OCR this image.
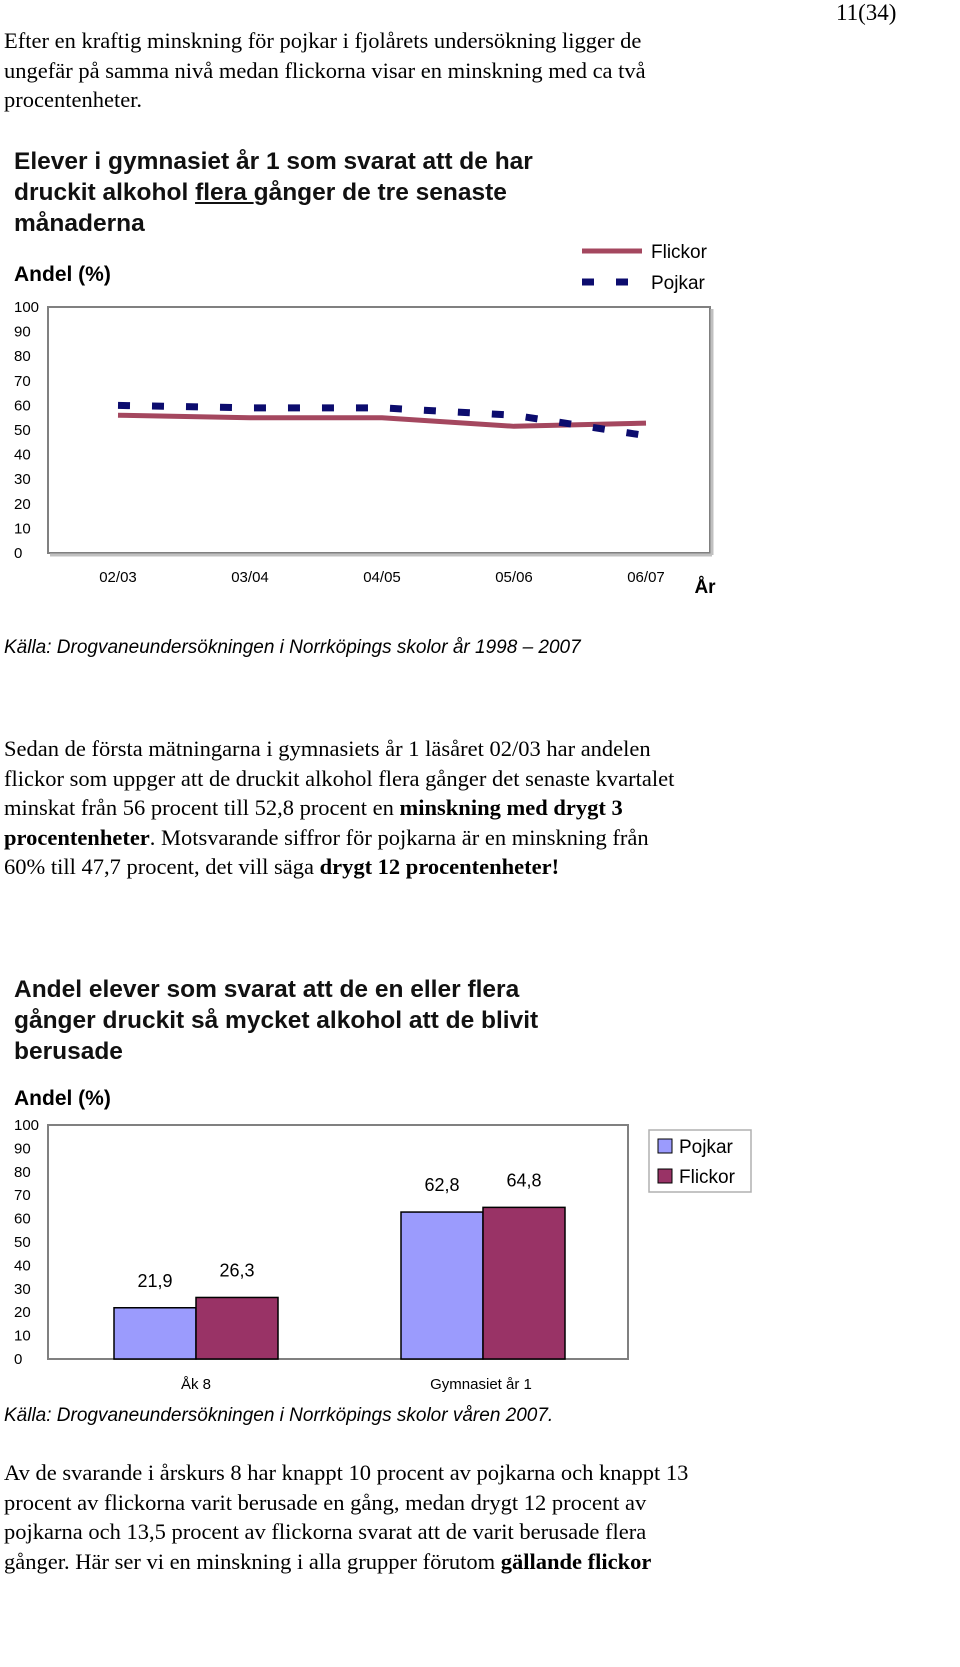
11(34)
Efter en kraftig minskning för pojkar i fjolårets undersökning ligger de
ungefär på samma nivå medan flickorna visar en minskning med ca två
procentenheter.
Elever i gymnasiet år 1 som svarat att de har
druckit alkohol flera gånger de tre senaste
månaderna
Andel (%)
0
10
20
30
40
50
60
70
80
90
100
02/03	03/04	04/05	05/06	06/07 År
Flickor
Pojkar
Källa: Drogvaneundersökningen i Norrköpings skolor år 1998 – 2007
Sedan de första mätningarna i gymnasiets år 1 läsåret 02/03 har andelen
flickor som uppger att de druckit alkohol flera gånger det senaste kvartalet
minskat från 56 procent till 52,8 procent en minskning med drygt 3
procentenheter. Motsvarande siffror för pojkarna är en minskning från
60% till 47,7 procent, det vill säga drygt 12 procentenheter!
Andel elever som svarat att de en eller flera
gånger druckit så mycket alkohol att de blivit
berusade
Andel (%)
0
10
20
30
40
50
60
70
80
90
100
21,9
26,3
Åk 8
62,8	64,8
Gymnasiet år 1
Pojkar
Flickor
Källa: Drogvaneundersökningen i Norrköpings skolor våren 2007.
Av de svarande i årskurs 8 har knappt 10 procent av pojkarna och knappt 13
procent av flickorna varit berusade en gång, medan drygt 12 procent av
pojkarna och 13,5 procent av flickorna svarat att de varit berusade flera
gånger. Här ser vi en minskning i alla grupper förutom gällande flickor
